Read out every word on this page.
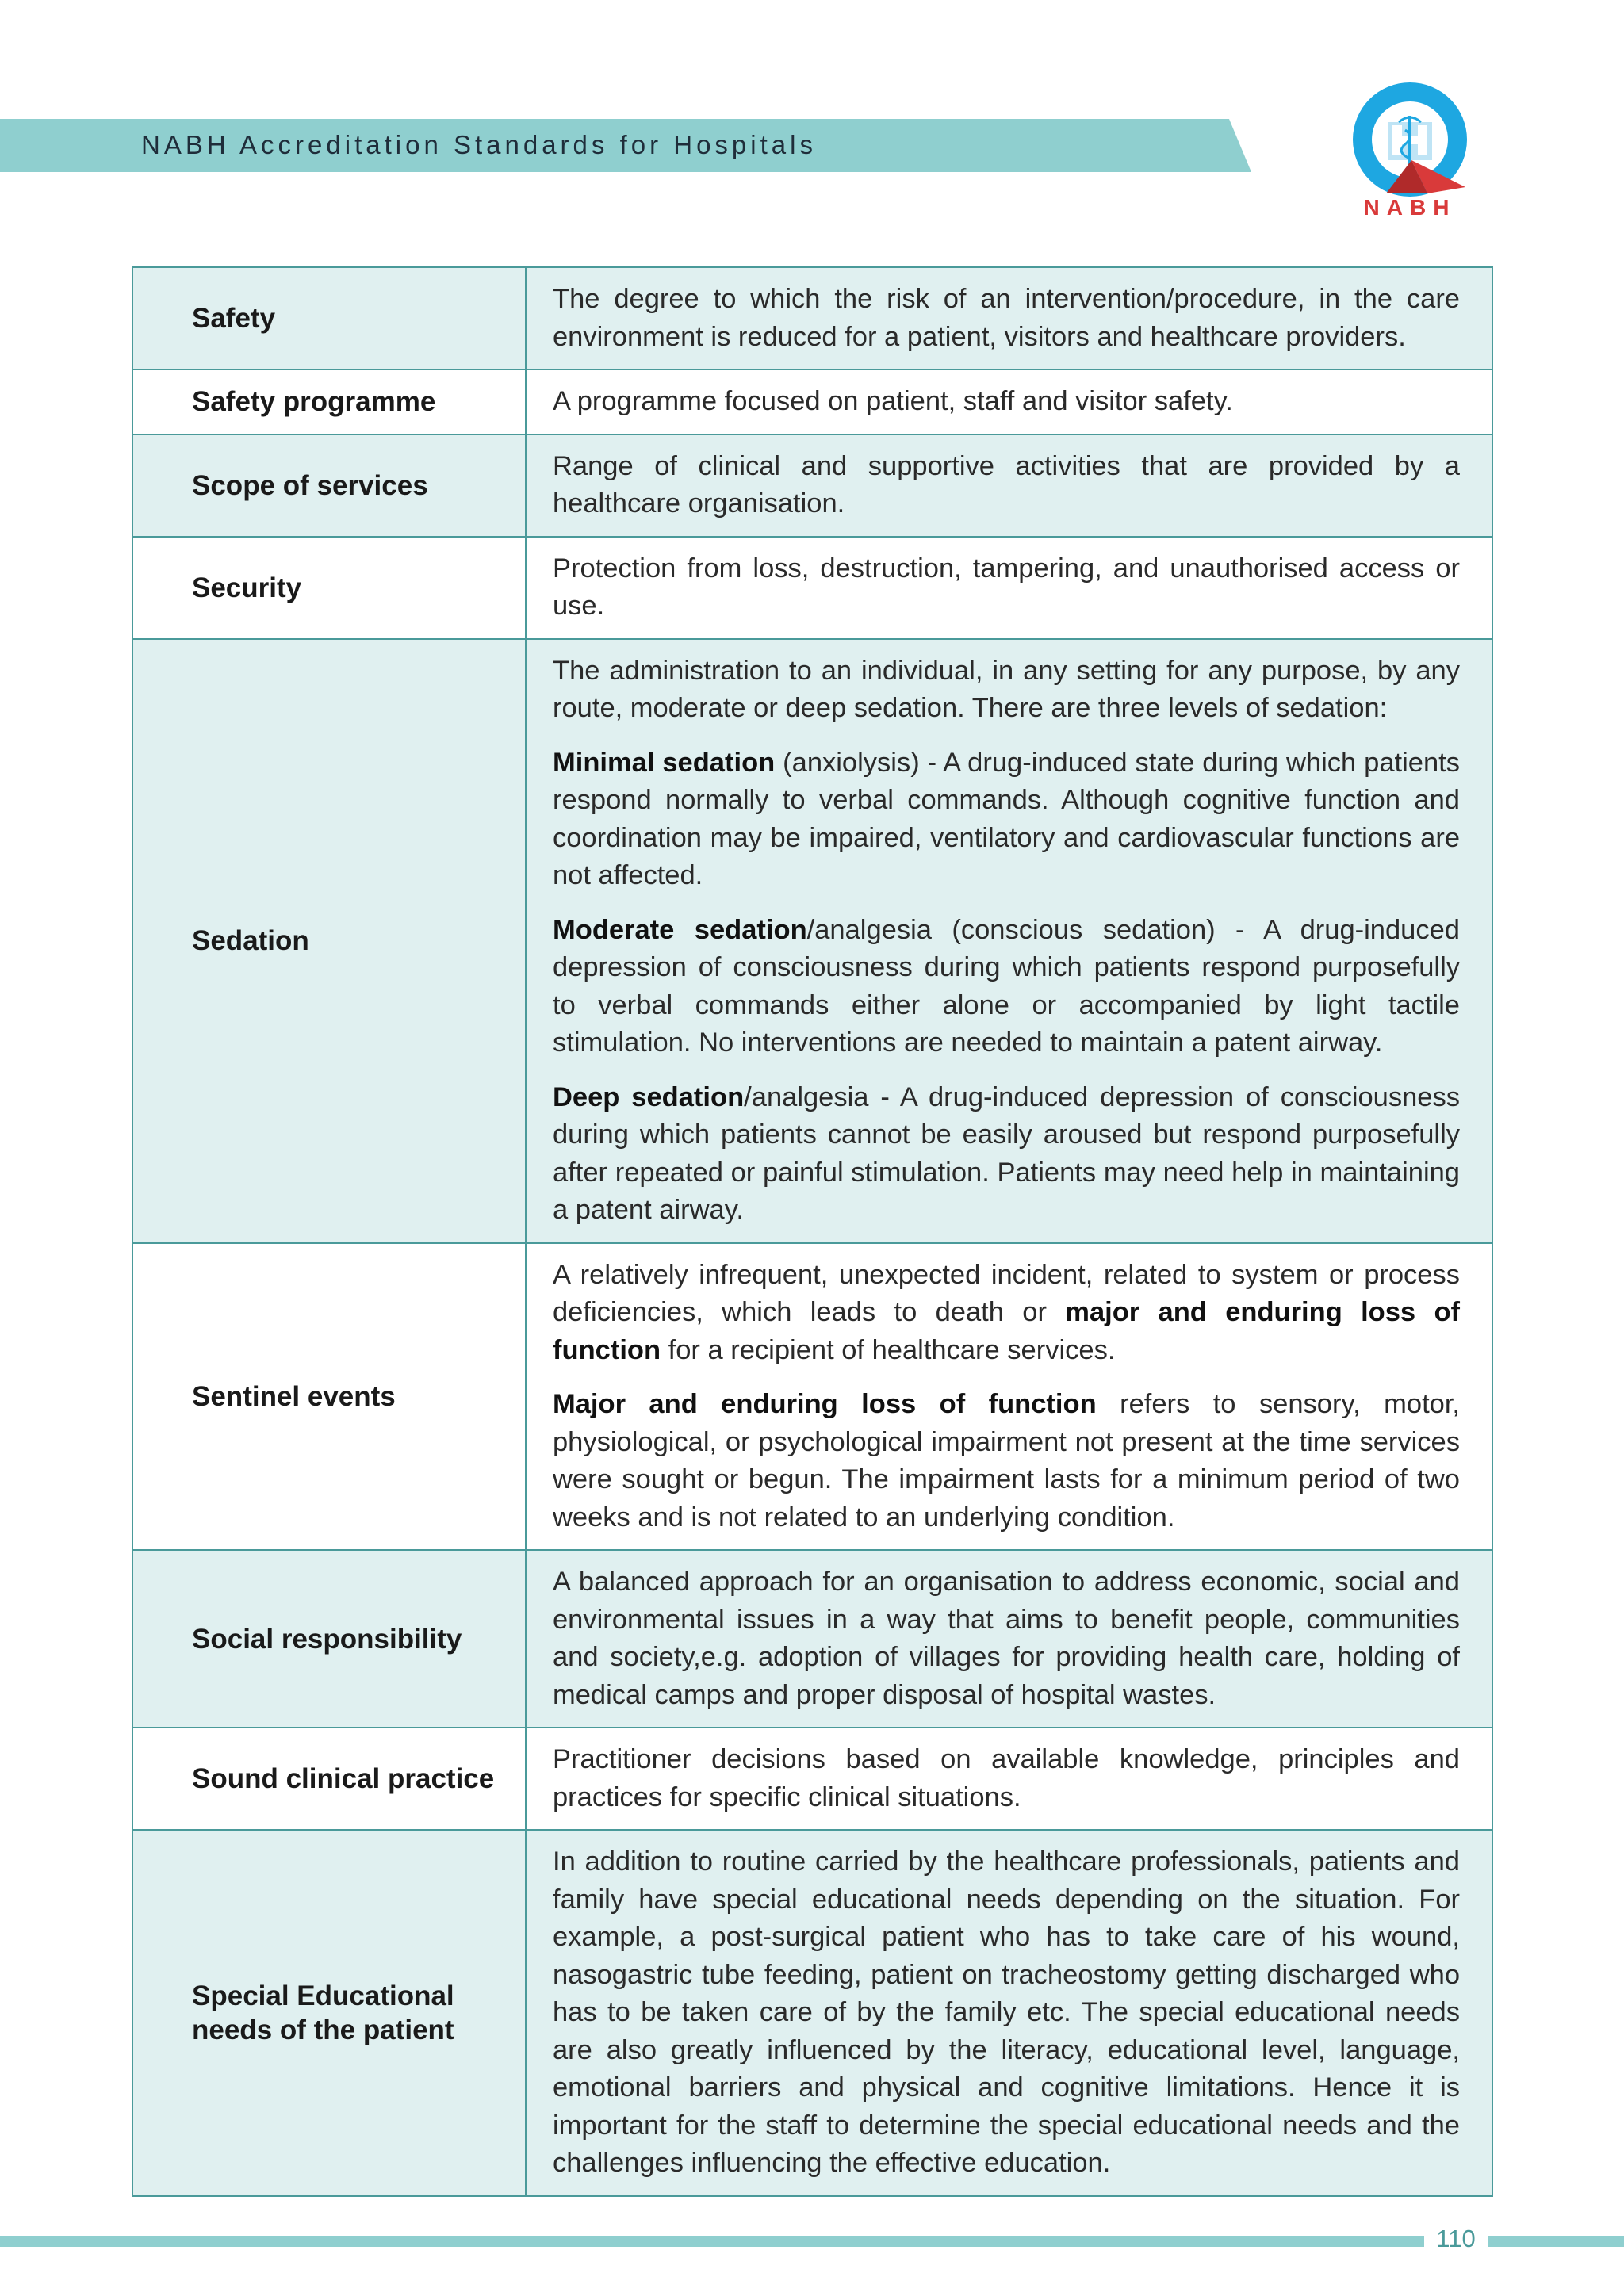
NABH Accreditation Standards for Hospitals
NABH
Safety	The degree to which the risk of an intervention/procedure, in the care environment is reduced for a patient, visitors and healthcare providers.

Safety programme	A programme focused on patient, staff and visitor safety.

Scope of services	Range of clinical and supportive activities that are provided by a healthcare organisation.

Security	Protection from loss, destruction, tampering, and unauthorised access or use.

Sedation	The administration to an individual, in any setting for any purpose, by any route, moderate or deep sedation. There are three levels of sedation:

Minimal sedation (anxiolysis) - A drug-induced state during which patients respond normally to verbal commands. Although cognitive function and coordination may be impaired, ventilatory and cardiovascular functions are not affected.

Moderate sedation/analgesia (conscious sedation) - A drug-induced depression of consciousness during which patients respond purposefully to verbal commands either alone or accompanied by light tactile stimulation. No interventions are needed to maintain a patent airway.

Deep sedation/analgesia - A drug-induced depression of consciousness during which patients cannot be easily aroused but respond purposefully after repeated or painful stimulation. Patients may need help in maintaining a patent airway.

Sentinel events	A relatively infrequent, unexpected incident, related to system or process deficiencies, which leads to death or major and enduring loss of function for a recipient of healthcare services.

Major and enduring loss of function refers to sensory, motor, physiological, or psychological impairment not present at the time services were sought or begun. The impairment lasts for a minimum period of two weeks and is not related to an underlying condition.

Social responsibility	A balanced approach for an organisation to address economic, social and environmental issues in a way that aims to benefit people, communities and society,e.g. adoption of villages for providing health care, holding of medical camps and proper disposal of hospital wastes.

Sound clinical practice	Practitioner decisions based on available knowledge, principles and practices for specific clinical situations.

Special Educational needs of the patient	In addition to routine carried by the healthcare professionals, patients and family have special educational needs depending on the situation. For example, a post-surgical patient who has to take care of his wound, nasogastric tube feeding, patient on tracheostomy getting discharged who has to be taken care of by the family etc. The special educational needs are also greatly influenced by the literacy, educational level, language, emotional barriers and physical and cognitive limitations. Hence it is important for the staff to determine the special educational needs and the challenges influencing the effective education.

110
